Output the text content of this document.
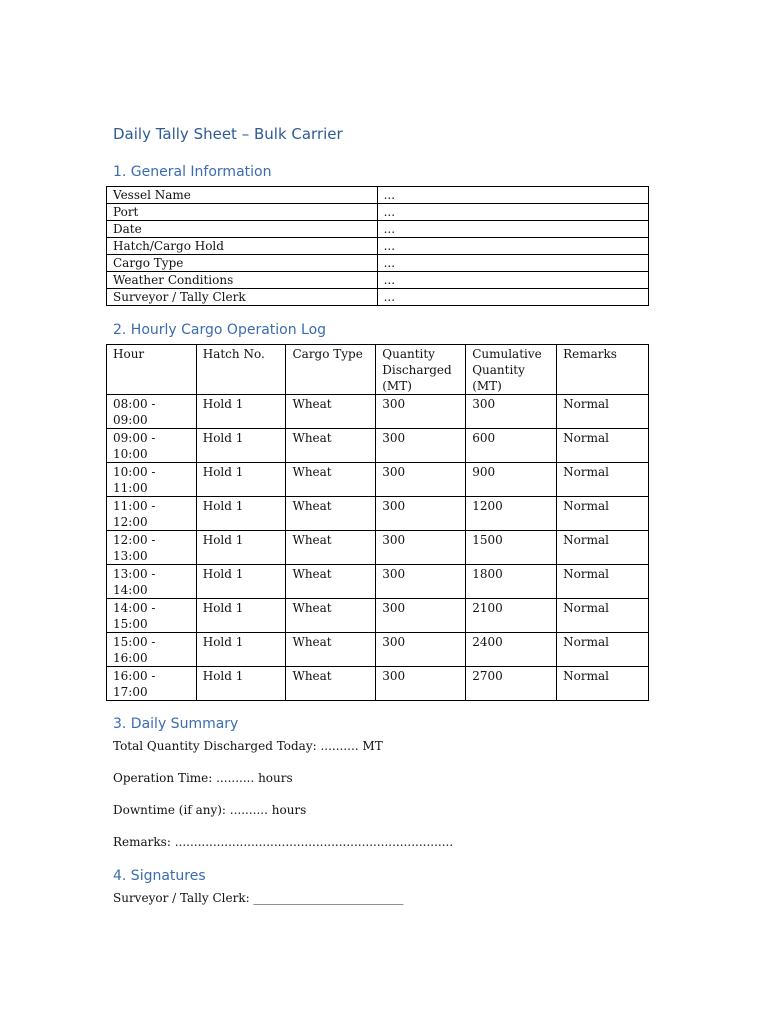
Daily Tally Sheet – Bulk Carrier
1. General Information
Vessel Name	...
Port	...
Date	...
Hatch/Cargo Hold	...
Cargo Type	...
Weather Conditions	...
Surveyor / Tally Clerk	...
2. Hourly Cargo Operation Log
Hour	Hatch No.	Cargo Type	Quantity Discharged (MT)	Cumulative Quantity (MT)	Remarks
08:00 - 09:00	Hold 1	Wheat	300	300	Normal
09:00 - 10:00	Hold 1	Wheat	300	600	Normal
10:00 - 11:00	Hold 1	Wheat	300	900	Normal
11:00 - 12:00	Hold 1	Wheat	300	1200	Normal
12:00 - 13:00	Hold 1	Wheat	300	1500	Normal
13:00 - 14:00	Hold 1	Wheat	300	1800	Normal
14:00 - 15:00	Hold 1	Wheat	300	2100	Normal
15:00 - 16:00	Hold 1	Wheat	300	2400	Normal
16:00 - 17:00	Hold 1	Wheat	300	2700	Normal
3. Daily Summary

Total Quantity Discharged Today: .......... MT

Operation Time: .......... hours

Downtime (if any): .......... hours

Remarks: .........................................................................

4. Signatures

Surveyor / Tally Clerk: _________________________
